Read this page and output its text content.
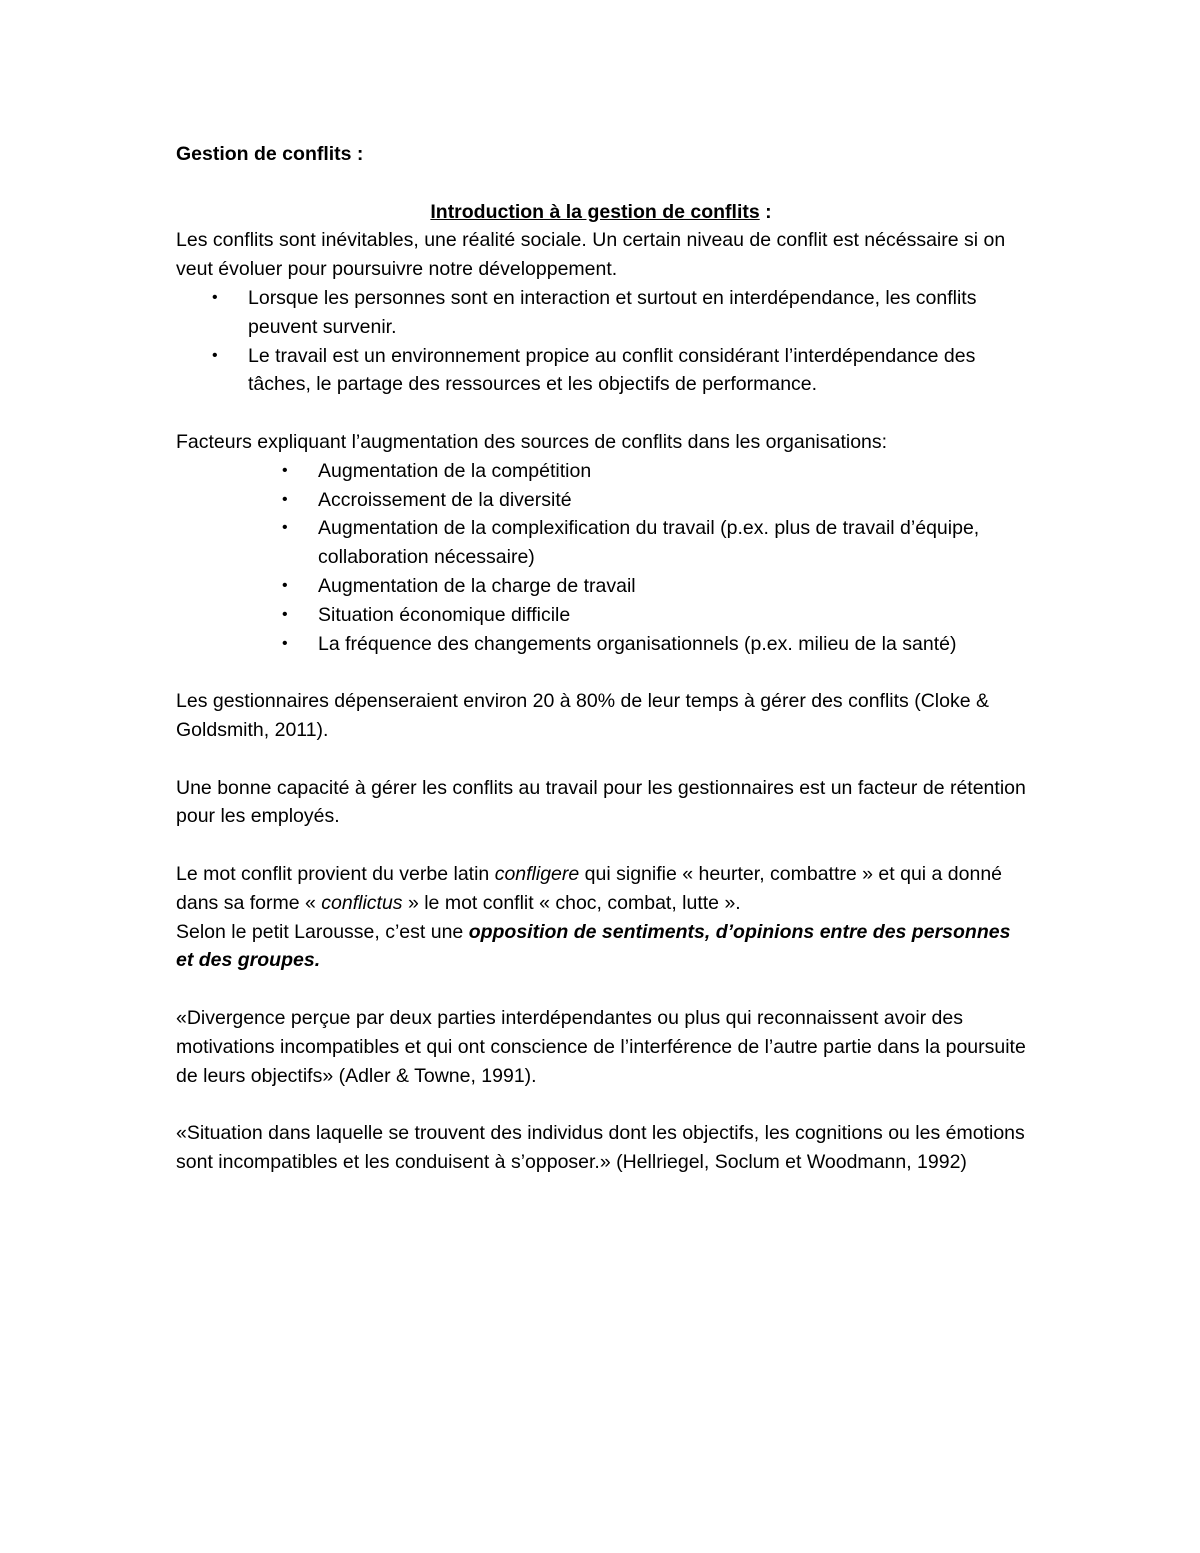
Gestion de conflits :

Introduction à la gestion de conflits :

Les conflits sont inévitables, une réalité sociale. Un certain niveau de conflit est nécéssaire si on veut évoluer pour poursuivre notre développement.

• Lorsque les personnes sont en interaction et surtout en interdépendance, les conflits peuvent survenir.
• Le travail est un environnement propice au conflit considérant l’interdépendance des tâches, le partage des ressources et les objectifs de performance.

Facteurs expliquant l’augmentation des sources de conflits dans les organisations:

• Augmentation de la compétition
• Accroissement de la diversité
• Augmentation de la complexification du travail (p.ex. plus de travail d’équipe, collaboration nécessaire)
• Augmentation de la charge de travail
• Situation économique difficile
• La fréquence des changements organisationnels (p.ex. milieu de la santé)

Les gestionnaires dépenseraient environ 20 à 80% de leur temps à gérer des conflits (Cloke & Goldsmith, 2011).

Une bonne capacité à gérer les conflits au travail pour les gestionnaires est un facteur de rétention pour les employés.

Le mot conflit provient du verbe latin confligere qui signifie « heurter, combattre » et qui a donné dans sa forme « conflictus » le mot conflit « choc, combat, lutte ».

Selon le petit Larousse, c’est une opposition de sentiments, d’opinions entre des personnes et des groupes.

«Divergence perçue par deux parties interdépendantes ou plus qui reconnaissent avoir des motivations incompatibles et qui ont conscience de l’interférence de l’autre partie dans la poursuite de leurs objectifs» (Adler & Towne, 1991).

«Situation dans laquelle se trouvent des individus dont les objectifs, les cognitions ou les émotions sont incompatibles et les conduisent à s’opposer.» (Hellriegel, Soclum et Woodmann, 1992)
